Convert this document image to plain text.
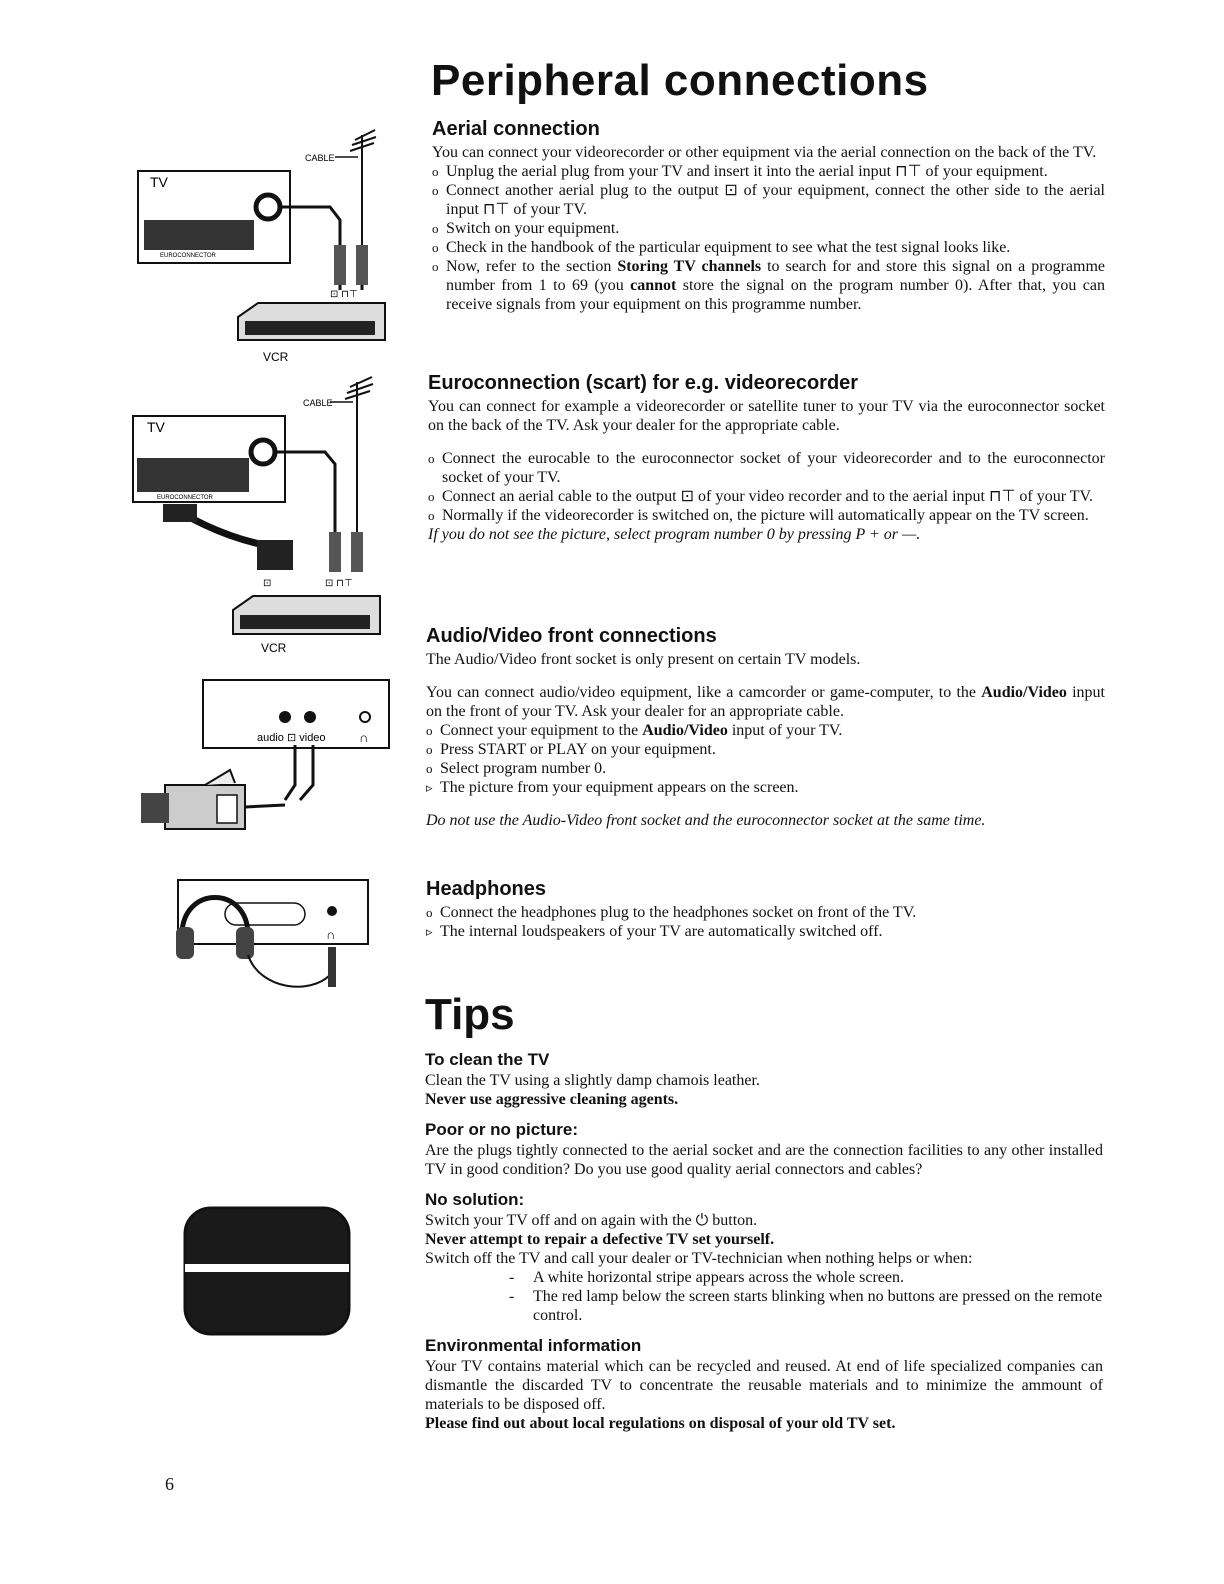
CABLE
TV
EUROCONNECTOR
⊡ ⊓⊤
VCR
CABLE
TV
EUROCONNECTOR
⊡	⊡ ⊓⊤
VCR
audio ⊡ video	∩
∩
Peripheral connections
Aerial connection

You can connect your videorecorder or other equipment via the aerial connection on the back of the TV.

o Unplug the aerial plug from your TV and insert it into the aerial input ⊓⊤ of your equipment.
o Connect another aerial plug to the output ⊡ of your equipment, connect the other side to the aerial input ⊓⊤ of your TV.
o Switch on your equipment.
o Check in the handbook of the particular equipment to see what the test signal looks like.
o Now, refer to the section Storing TV channels to search for and store this signal on a programme number from 1 to 69 (you cannot store the signal on the program number 0). After that, you can receive signals from your equipment on this programme number.
Euroconnection (scart) for e.g. videorecorder

You can connect for example a videorecorder or satellite tuner to your TV via the euroconnector socket on the back of the TV. Ask your dealer for the appropriate cable.

o Connect the eurocable to the euroconnector socket of your videorecorder and to the euroconnector socket of your TV.
o Connect an aerial cable to the output ⊡ of your video recorder and to the aerial input ⊓⊤ of your TV.
o Normally if the videorecorder is switched on, the picture will automatically appear on the TV screen.

If you do not see the picture, select program number 0 by pressing P + or —.

Audio/Video front connections

The Audio/Video front socket is only present on certain TV models.

You can connect audio/video equipment, like a camcorder or game-computer, to the Audio/Video input on the front of your TV. Ask your dealer for an appropriate cable.

o Connect your equipment to the Audio/Video input of your TV.
o Press START or PLAY on your equipment.
o Select program number 0.
▹ The picture from your equipment appears on the screen.

Do not use the Audio-Video front socket and the euroconnector socket at the same time.

Headphones
o Connect the headphones plug to the headphones socket on front of the TV.
▹ The internal loudspeakers of your TV are automatically switched off.
Tips
To clean the TV

Clean the TV using a slightly damp chamois leather.

Never use aggressive cleaning agents.

Poor or no picture:

Are the plugs tightly connected to the aerial socket and are the connection facilities to any other installed TV in good condition? Do you use good quality aerial connectors and cables?

No solution:

Switch your TV off and on again with the ⏻ button.

Never attempt to repair a defective TV set yourself.

Switch off the TV and call your dealer or TV-technician when nothing helps or when:

- A white horizontal stripe appears across the whole screen.
- The red lamp below the screen starts blinking when no buttons are pressed on the remote control.
Environmental information

Your TV contains material which can be recycled and reused. At end of life specialized companies can dismantle the discarded TV to concentrate the reusable materials and to minimize the ammount of materials to be disposed off.

Please find out about local regulations on disposal of your old TV set.

6
